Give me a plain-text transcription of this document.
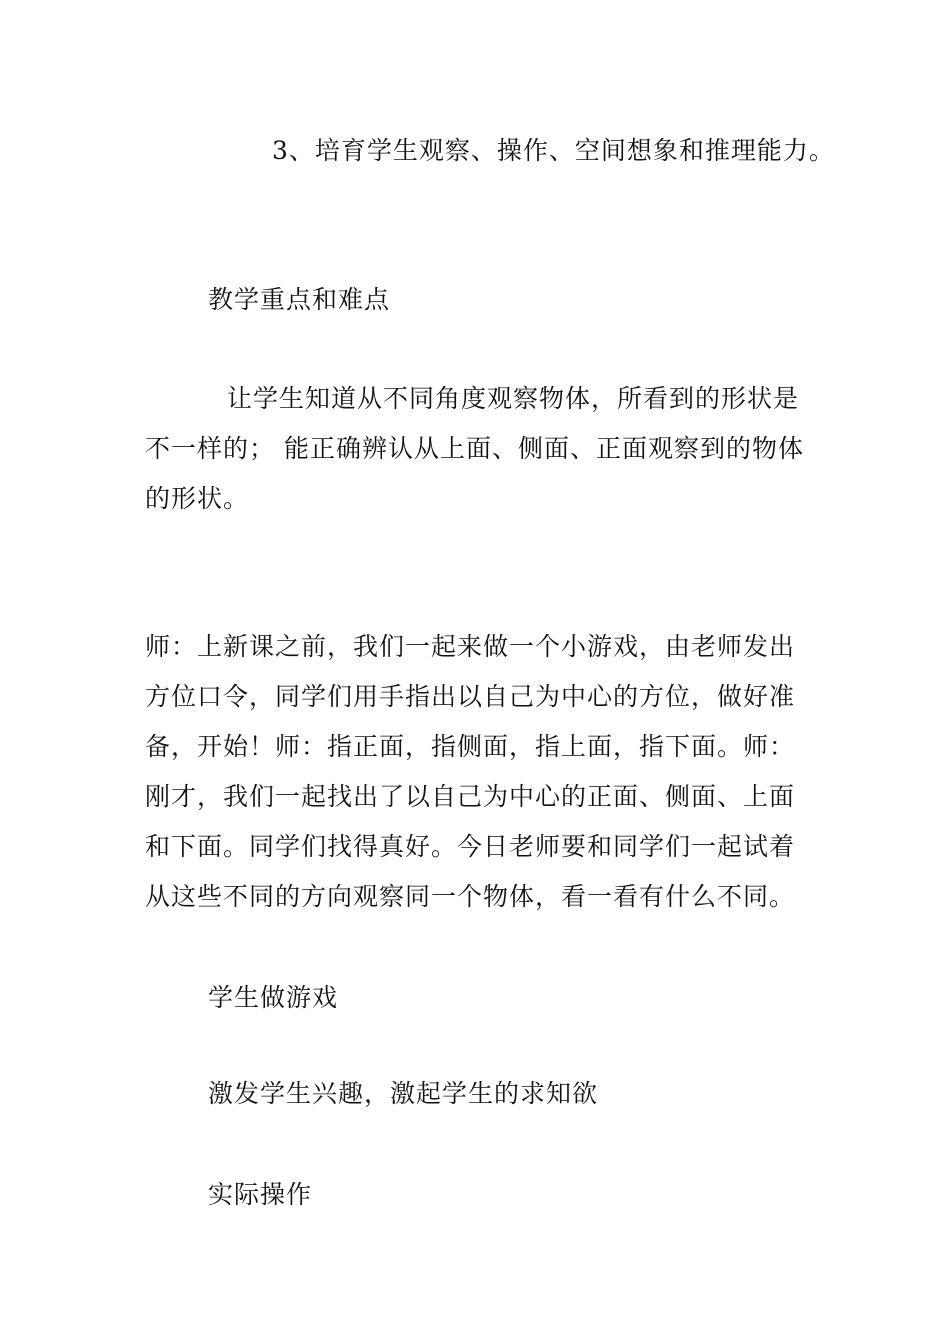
3、培育学生观察、操作、空间想象和推理能力。
教学重点和难点
让学生知道从不同角度观察物体，所看到的形状是
不一样的； 能正确辨认从上面、侧面、正面观察到的物体
的形状。
师：上新课之前，我们一起来做一个小游戏，由老师发出
方位口令，同学们用手指出以自己为中心的方位，做好准
备，开始！师：指正面，指侧面，指上面，指下面。师：
刚才，我们一起找出了以自己为中心的正面、侧面、上面
和下面。同学们找得真好。今日老师要和同学们一起试着
从这些不同的方向观察同一个物体，看一看有什么不同。
学生做游戏
激发学生兴趣，激起学生的求知欲
实际操作
